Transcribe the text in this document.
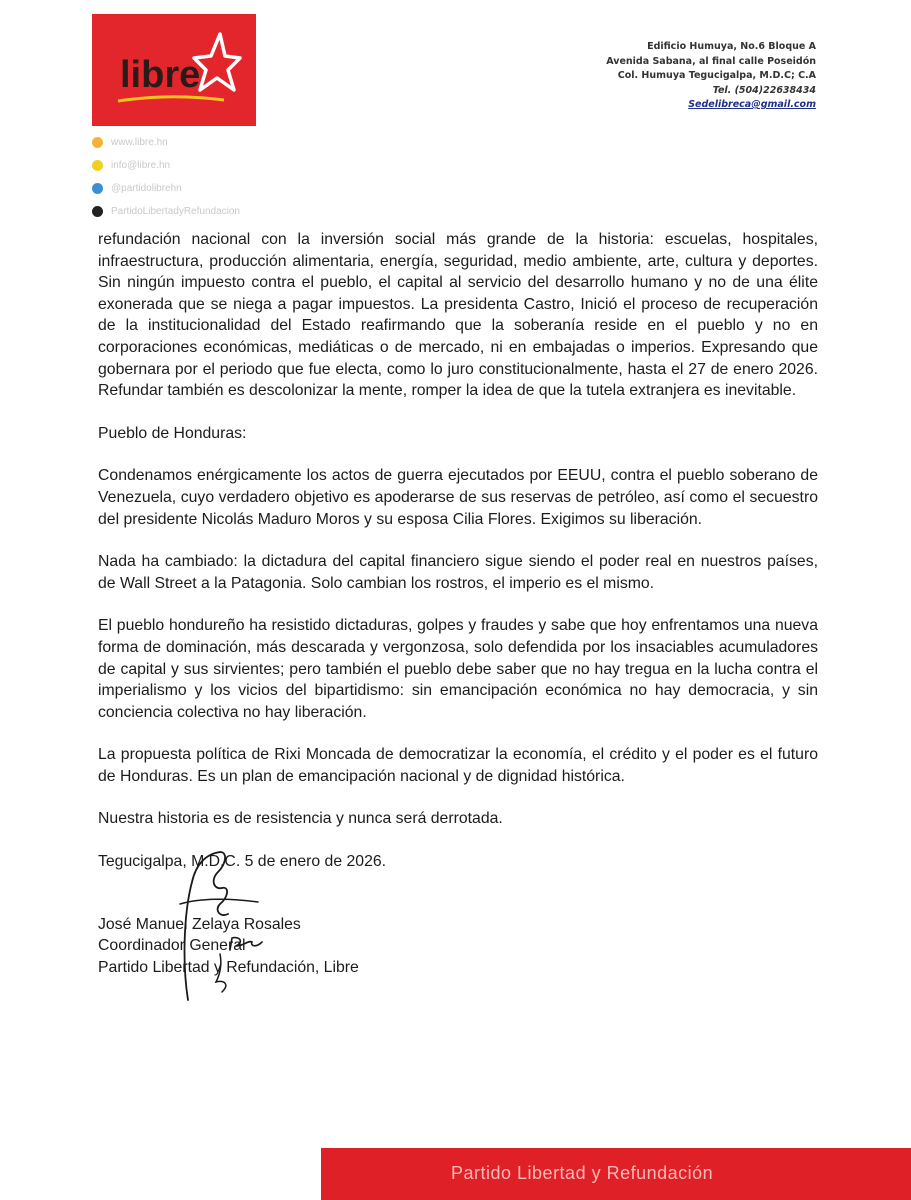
libre
Edificio Humuya, No.6 Bloque A
Avenida Sabana, al final calle Poseidón
Col. Humuya Tegucigalpa, M.D.C; C.A
Tel. (504)22638434
Sedelibreca@gmail.com
www.libre.hn
info@libre.hn
@partidolibrehn
PartidoLibertadyRefundacion

refundación nacional con la inversión social más grande de la historia: escuelas, hospitales, infraestructura, producción alimentaria, energía, seguridad, medio ambiente, arte, cultura y deportes. Sin ningún impuesto contra el pueblo, el capital al servicio del desarrollo humano y no de una élite exonerada que se niega a pagar impuestos. La presidenta Castro, Inició el proceso de recuperación de la institucionalidad del Estado reafirmando que la soberanía reside en el pueblo y no en corporaciones económicas, mediáticas o de mercado, ni en embajadas o imperios. Expresando que gobernara por el periodo que fue electa, como lo juro constitucionalmente, hasta el 27 de enero 2026. Refundar también es descolonizar la mente, romper la idea de que la tutela extranjera es inevitable.

Pueblo de Honduras:

Condenamos enérgicamente los actos de guerra ejecutados por EEUU, contra el pueblo soberano de Venezuela, cuyo verdadero objetivo es apoderarse de sus reservas de petróleo, así como el secuestro del presidente Nicolás Maduro Moros y su esposa Cilia Flores. Exigimos su liberación.

Nada ha cambiado: la dictadura del capital financiero sigue siendo el poder real en nuestros países, de Wall Street a la Patagonia. Solo cambian los rostros, el imperio es el mismo.

El pueblo hondureño ha resistido dictaduras, golpes y fraudes y sabe que hoy enfrentamos una nueva forma de dominación, más descarada y vergonzosa, solo defendida por los insaciables acumuladores de capital y sus sirvientes; pero también el pueblo debe saber que no hay tregua en la lucha contra el imperialismo y los vicios del bipartidismo: sin emancipación económica no hay democracia, y sin conciencia colectiva no hay liberación.

La propuesta política de Rixi Moncada de democratizar la economía, el crédito y el poder es el futuro de Honduras. Es un plan de emancipación nacional y de dignidad histórica.

Nuestra historia es de resistencia y nunca será derrotada.

Tegucigalpa, M.D.C. 5 de enero de 2026.

José Manuel Zelaya Rosales

Coordinador General

Partido Libertad y Refundación, Libre

Partido Libertad y Refundación
